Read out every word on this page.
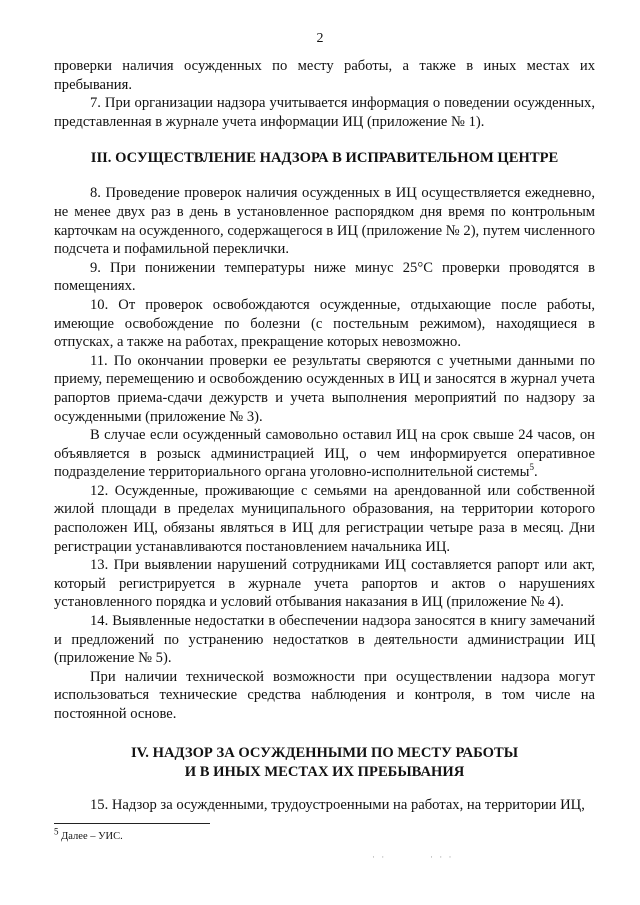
2

проверки наличия осужденных по месту работы, а также в иных местах их пребывания.

7. При организации надзора учитывается информация о поведении осужденных, представленная в журнале учета информации ИЦ (приложение № 1).

III. ОСУЩЕСТВЛЕНИЕ НАДЗОРА В ИСПРАВИТЕЛЬНОМ ЦЕНТРЕ

8. Проведение проверок наличия осужденных в ИЦ осуществляется ежедневно, не менее двух раз в день в установленное распорядком дня время по контрольным карточкам на осужденного, содержащегося в ИЦ (приложение № 2), путем численного подсчета и пофамильной переклички.

9. При понижении температуры ниже минус 25°С проверки проводятся в помещениях.

10. От проверок освобождаются осужденные, отдыхающие после работы, имеющие освобождение по болезни (с постельным режимом), находящиеся в отпусках, а также на работах, прекращение которых невозможно.

11. По окончании проверки ее результаты сверяются с учетными данными по приему, перемещению и освобождению осужденных в ИЦ и заносятся в журнал учета рапортов приема-сдачи дежурств и учета выполнения мероприятий по надзору за осужденными (приложение № 3).

В случае если осужденный самовольно оставил ИЦ на срок свыше 24 часов, он объявляется в розыск администрацией ИЦ, о чем информируется оперативное подразделение территориального органа уголовно-исполнительной системы$^5$.

12. Осужденные, проживающие с семьями на арендованной или собственной жилой площади в пределах муниципального образования, на территории которого расположен ИЦ, обязаны являться в ИЦ для регистрации четыре раза в месяц. Дни регистрации устанавливаются постановлением начальника ИЦ.

13. При выявлении нарушений сотрудниками ИЦ составляется рапорт или акт, который регистрируется в журнале учета рапортов и актов о нарушениях установленного порядка и условий отбывания наказания в ИЦ (приложение № 4).

14. Выявленные недостатки в обеспечении надзора заносятся в книгу замечаний и предложений по устранению недостатков в деятельности администрации ИЦ (приложение № 5).

При наличии технической возможности при осуществлении надзора могут использоваться технические средства наблюдения и контроля, в том числе на постоянной основе.

IV. НАДЗОР ЗА ОСУЖДЕННЫМИ ПО МЕСТУ РАБОТЫ
И В ИНЫХ МЕСТАХ ИХ ПРЕБЫВАНИЯ

15. Надзор за осужденными, трудоустроенными на работах, на территории ИЦ,

$^5$ Далее – УИС.
· ·	· · ·
